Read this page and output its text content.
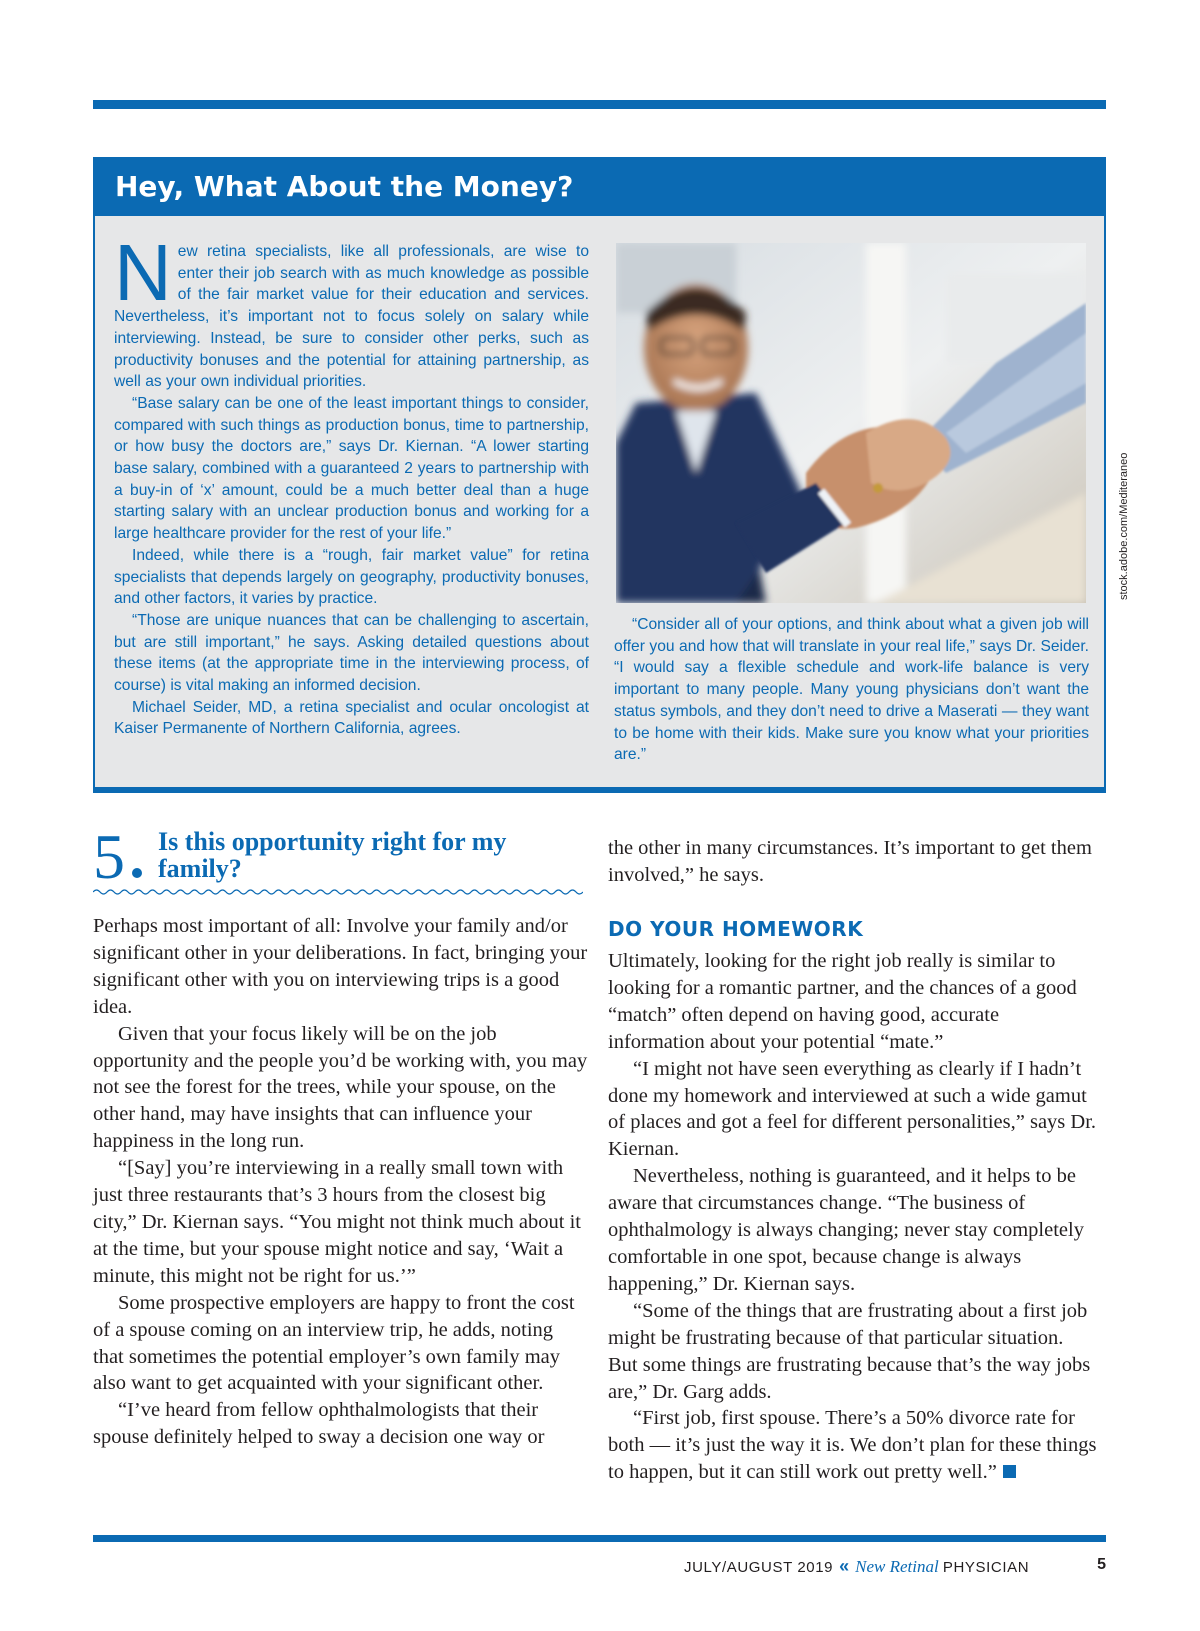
Hey, What About the Money?

New retina specialists, like all professionals, are wise to enter their job search with as much knowledge as possible of the fair market value for their education and services. Nevertheless, it’s important not to focus solely on salary while interviewing. Instead, be sure to consider other perks, such as productivity bonuses and the potential for attaining partnership, as well as your own individual priorities.

“Base salary can be one of the least important things to consider, compared with such things as production bonus, time to partnership, or how busy the doctors are,” says Dr. Kiernan. “A lower starting base salary, combined with a guaranteed 2 years to partnership with a buy-in of ‘x’ amount, could be a much better deal than a huge starting salary with an unclear production bonus and working for a large healthcare provider for the rest of your life.”

Indeed, while there is a “rough, fair market value” for retina specialists that depends largely on geography, productivity bonuses, and other factors, it varies by practice.

“Those are unique nuances that can be challenging to ascertain, but are still important,” he says. Asking detailed questions about these items (at the appropriate time in the interviewing process, of course) is vital making an informed decision.

Michael Seider, MD, a retina specialist and ocular oncologist at Kaiser Permanente of Northern California, agrees.

“Consider all of your options, and think about what a given job will offer you and how that will translate in your real life,” says Dr. Seider. “I would say a flexible schedule and work-life balance is very important to many people. Many young physicians don’t want the status symbols, and they don’t need to drive a Maserati — they want to be home with their kids. Make sure you know what your priorities are.”

stock.adobe.com/Mediteraneo
5 Is this opportunity right for my family?

Perhaps most important of all: Involve your family and/or significant other in your deliberations. In fact, bringing your significant other with you on interviewing trips is a good idea.

Given that your focus likely will be on the job opportunity and the people you’d be working with, you may not see the forest for the trees, while your spouse, on the other hand, may have insights that can influence your happiness in the long run.

“[Say] you’re interviewing in a really small town with just three restaurants that’s 3 hours from the closest big city,” Dr. Kiernan says. “You might not think much about it at the time, but your spouse might notice and say, ‘Wait a minute, this might not be right for us.’”

Some prospective employers are happy to front the cost of a spouse coming on an interview trip, he adds, noting that sometimes the potential employer’s own family may also want to get acquainted with your significant other.

“I’ve heard from fellow ophthalmologists that their spouse definitely helped to sway a decision one way or

the other in many circumstances. It’s important to get them involved,” he says.

DO YOUR HOMEWORK

Ultimately, looking for the right job really is similar to looking for a romantic partner, and the chances of a good “match” often depend on having good, accurate information about your potential “mate.”

“I might not have seen everything as clearly if I hadn’t done my homework and interviewed at such a wide gamut of places and got a feel for different personalities,” says Dr. Kiernan.

Nevertheless, nothing is guaranteed, and it helps to be aware that circumstances change. “The business of ophthalmology is always changing; never stay completely comfortable in one spot, because change is always happening,” Dr. Kiernan says.

“Some of the things that are frustrating about a first job might be frustrating because of that particular situation. But some things are frustrating because that’s the way jobs are,” Dr. Garg adds.

“First job, first spouse. There’s a 50% divorce rate for both — it’s just the way it is. We don’t plan for these things to happen, but it can still work out pretty well.”

JULY/AUGUST 2019 « New Retinal PHYSICIAN	5
